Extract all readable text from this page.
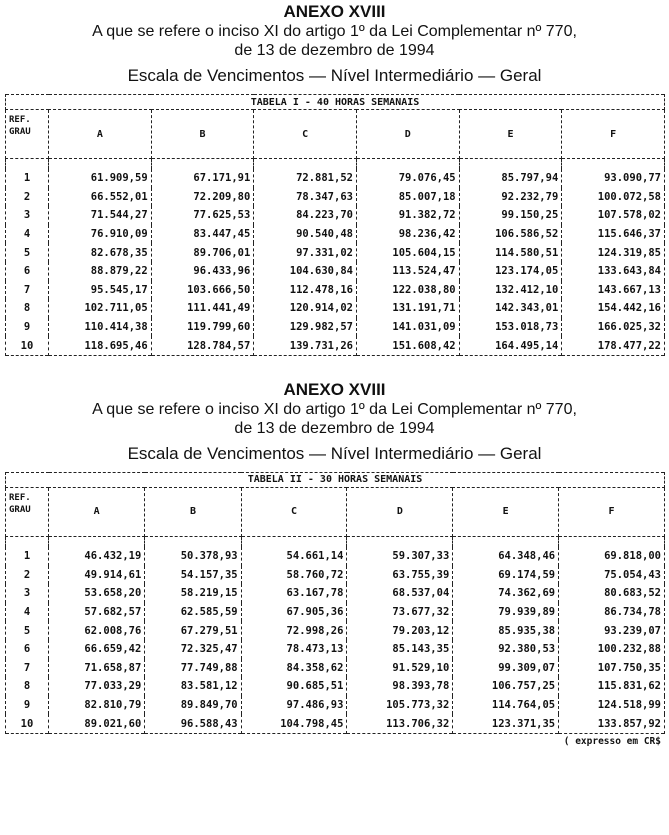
ANEXO XVIII
A que se refere o inciso XI do artigo 1º da Lei Complementar nº 770,
de 13 de dezembro de 1994
Escala de Vencimentos — Nível Intermediário — Geral
TABELA I - 40 HORAS SEMANAIS						

REF.
GRAU	A	B	C	D	E	F

1	61.909,59	67.171,91	72.881,52	79.076,45	85.797,94	93.090,77
2	66.552,01	72.209,80	78.347,63	85.007,18	92.232,79	100.072,58
3	71.544,27	77.625,53	84.223,70	91.382,72	99.150,25	107.578,02
4	76.910,09	83.447,45	90.540,48	98.236,42	106.586,52	115.646,37
5	82.678,35	89.706,01	97.331,02	105.604,15	114.580,51	124.319,85
6	88.879,22	96.433,96	104.630,84	113.524,47	123.174,05	133.643,84
7	95.545,17	103.666,50	112.478,16	122.038,80	132.412,10	143.667,13
8	102.711,05	111.441,49	120.914,02	131.191,71	142.343,01	154.442,16
9	110.414,38	119.799,60	129.982,57	141.031,09	153.018,73	166.025,32
10	118.695,46	128.784,57	139.731,26	151.608,42	164.495,14	178.477,22
ANEXO XVIII
A que se refere o inciso XI do artigo 1º da Lei Complementar nº 770,
de 13 de dezembro de 1994
Escala de Vencimentos — Nível Intermediário — Geral
TABELA II - 30 HORAS SEMANAIS						

REF.
GRAU	A	B	C	D	E	F

1	46.432,19	50.378,93	54.661,14	59.307,33	64.348,46	69.818,00
2	49.914,61	54.157,35	58.760,72	63.755,39	69.174,59	75.054,43
3	53.658,20	58.219,15	63.167,78	68.537,04	74.362,69	80.683,52
4	57.682,57	62.585,59	67.905,36	73.677,32	79.939,89	86.734,78
5	62.008,76	67.279,51	72.998,26	79.203,12	85.935,38	93.239,07
6	66.659,42	72.325,47	78.473,13	85.143,35	92.380,53	100.232,88
7	71.658,87	77.749,88	84.358,62	91.529,10	99.309,07	107.750,35
8	77.033,29	83.581,12	90.685,51	98.393,78	106.757,25	115.831,62
9	82.810,79	89.849,70	97.486,93	105.773,32	114.764,05	124.518,99
10	89.021,60	96.588,43	104.798,45	113.706,32	123.371,35	133.857,92
( expresso em CR$
